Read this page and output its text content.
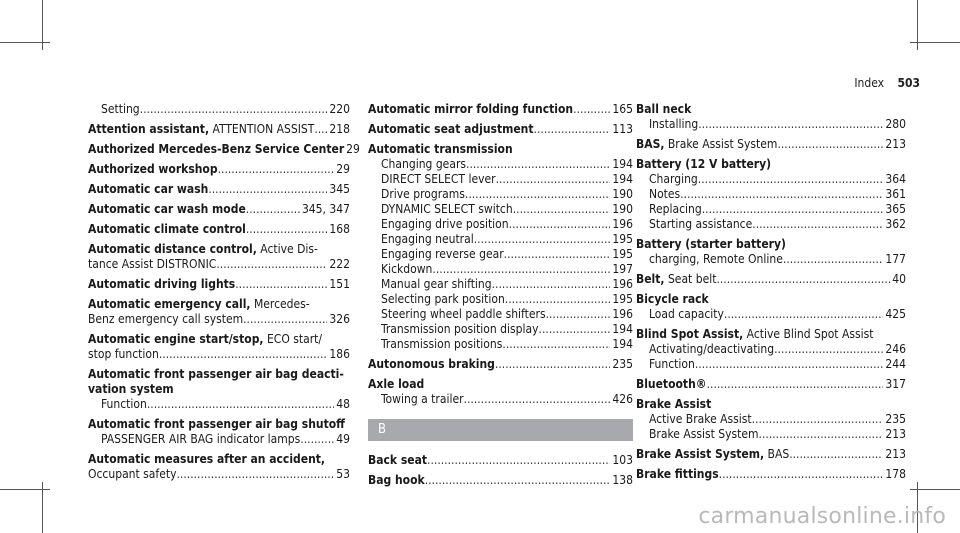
Index 503
Setting .....	220
Attention assistant, ATTENTION ASSIST ..... 218
Authorized Mercedes-Benz Service Center 29
Authorized workshop .....	29
Automatic car wash .....	345
Automatic car wash mode .....	345, 347
Automatic climate control .....	168
Automatic distance control, Active Dis-
tance Assist DISTRONIC .....	222
Automatic driving lights .....	151
Automatic emergency call, Mercedes-
Benz emergency call system .....	326
Automatic engine start/stop, ECO start/
stop function .....	186
Automatic front passenger air bag deacti-
vation system
Function .....	48
Automatic front passenger air bag shutoff
PASSENGER AIR BAG indicator lamps .....	49
Automatic measures after an accident,
Occupant safety .....	53
Automatic mirror folding function .....	165
Automatic seat adjustment .....	113
Automatic transmission
Changing gears .....	194
DIRECT SELECT lever .....	194
Drive programs .....	190
DYNAMIC SELECT switch .....	190
Engaging drive position .....	196
Engaging neutral .....	195
Engaging reverse gear .....	195
Kickdown .....	197
Manual gear shifting .....	196
Selecting park position .....	195
Steering wheel paddle shifters .....	196
Transmission position display .....	194
Transmission positions .....	194
Autonomous braking .....	235
Axle load
Towing a trailer .....	426
B
Back seat .....	103
Bag hook .....	138
Ball neck
Installing .....	280
BAS, Brake Assist System .....	213
Battery (12 V battery)
Charging .....	364
Notes .....	361
Replacing .....	365
Starting assistance .....	362
Battery (starter battery)
charging, Remote Online .....	177
Belt, Seat belt .....	40
Bicycle rack
Load capacity .....	425
Blind Spot Assist, Active Blind Spot Assist
Activating/deactivating .....	246
Function .....	244
Bluetooth® .....	317
Brake Assist
Active Brake Assist .....	235
Brake Assist System .....	213
Brake Assist System, BAS .....	213
Brake fittings .....	178
carmanualsonline.info
